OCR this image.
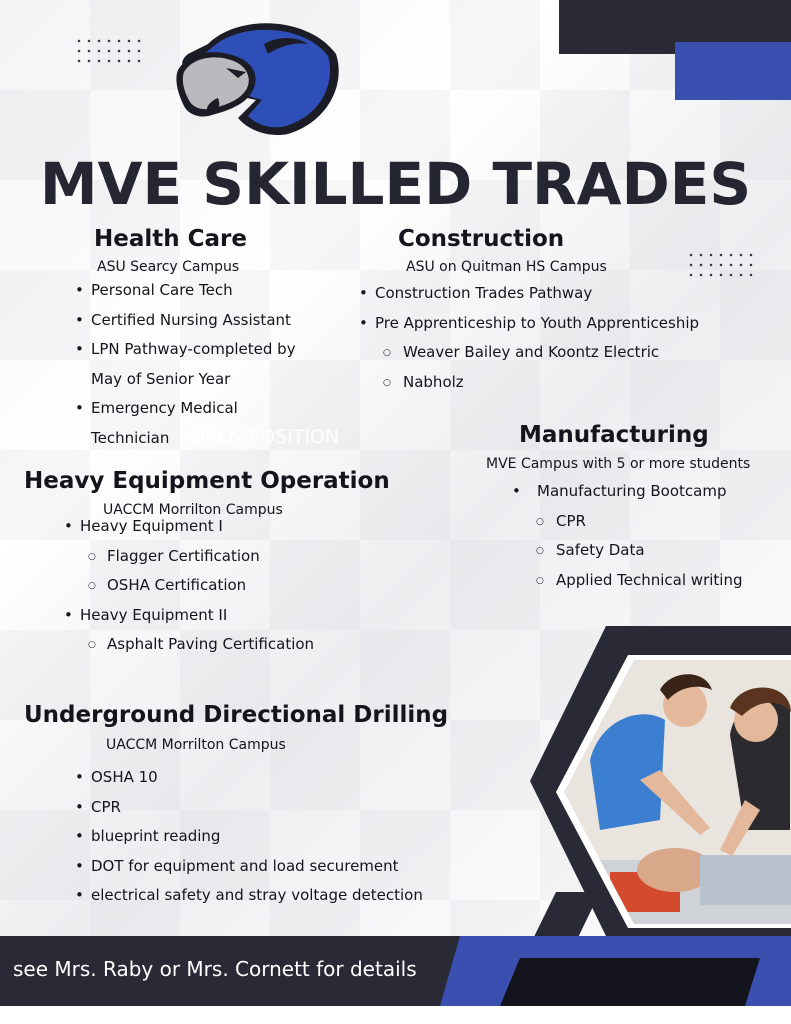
MVE SKILLED TRADES
Health Care

ASU Searcy Campus

• Personal Care Tech
• Certified Nursing Assistant
• LPN Pathway-completed by
May of Senior Year
• Emergency Medical
Technician	OPEN POSITION
Construction

ASU on Quitman HS Campus

• Construction Trades Pathway
• Pre Apprenticeship to Youth Apprenticeship
○ Weaver Bailey and Koontz Electric
○ Nabholz
Manufacturing

MVE Campus with 5 or more students

• Manufacturing Bootcamp
○ CPR
○ Safety Data
○ Applied Technical writing
Heavy Equipment Operation

UACCM Morrilton Campus

• Heavy Equipment I
○ Flagger Certification
○ OSHA Certification
• Heavy Equipment II
○ Asphalt Paving Certification
Underground Directional Drilling

UACCM Morrilton Campus

• OSHA 10
• CPR
• blueprint reading
• DOT for equipment and load securement
• electrical safety and stray voltage detection
see Mrs. Raby or Mrs. Cornett for details
